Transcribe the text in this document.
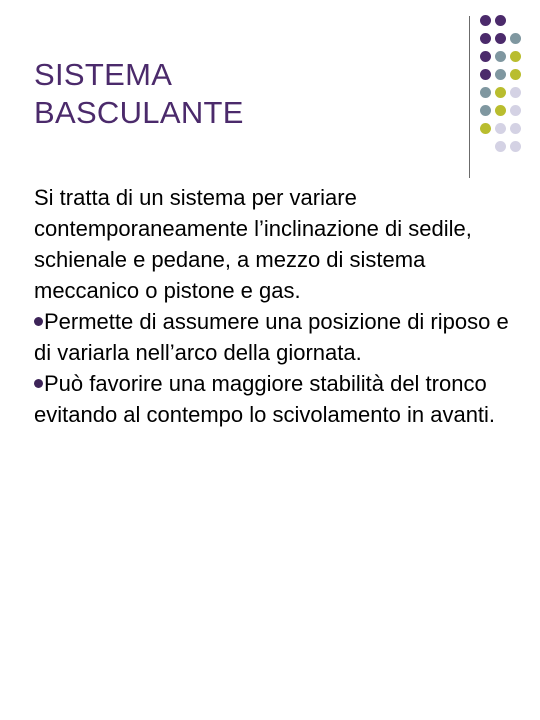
SISTEMA
BASCULANTE
Si tratta di un sistema per variare contemporaneamente l’inclinazione di sedile, schienale e pedane, a mezzo di sistema meccanico o pistone e gas.
Permette di assumere una posizione di riposo e di variarla nell’arco della giornata.
Può favorire una maggiore stabilità del tronco evitando al contempo lo scivolamento in avanti.
